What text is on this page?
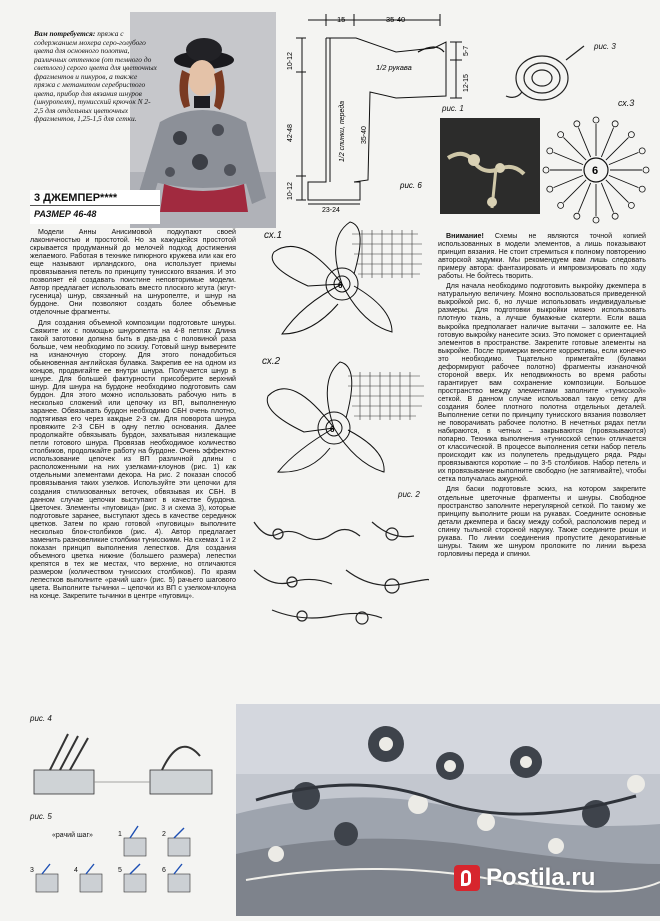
Вам потребуется: пряжа с содержанием мохера серо-голубого цвета для основного полотна, различных оттенков (от темного до светлого) серого цвета для цветочных фрагментов и пикуров, а также пряжа с метанитом серебристого цвета, прибор для вязания шнуров (шнуропелт), тунисский крючок N 2-2,5 для отдельных цветочных фрагментов, 1,25-1,5 для сетки.
3 ДЖЕМПЕР****
РАЗМЕР 46-48
15	35-40
1/2 рукава
10-12
42-48
10-12
1/2 спинки, переда 35-40
5-7
12-15
23-24
рис. 6
рис. 3
рис. 1
сх.3
6

Модели Анны Анисимовой подкупают своей лаконичностью и простотой. Но за кажущейся простотой скрывается продуманный до мелочей подход достижения желаемого. Работая в технике гипюрного кружева или как его еще называют ирландского, она использует приемы провязывания петель по принципу тунисского вязания. И это позволяет ей создавать поистине неповторимые модели. Автор предлагает использовать вместо плоского жгута (жгут-гусеница) шнур, связанный на шнуропелте, и шнур на бурдоне. Они позволяют создать более объемные отделочные фрагменты.

Для создания объемной композиции подготовьте шнуры. Свяжите их с помощью шнуропелта на 4-8 петлях Длина такой заготовки должна быть в два-два с половиной раза больше, чем необходимо по эскизу. Готовый шнур выверните на изнаночную сторону. Для этого понадобиться обыкновенная английская булавка. Закрепив ее на одном из концов, продвигайте ее внутри шнура. Получается шнур в шнуре. Для большей фактурности присоберите верхний шнур. Для шнура на бурдоне необходимо подготовить сам бурдон. Для этого можно использовать рабочую нить в несколько сложений или цепочку из ВП, выполненную заранее. Обвязывать бурдон необходимо СБН очень плотно, подтягивая его через каждые 2-3 см. Для поворота шнура провяжите 2-3 СБН в одну петлю основания. Далее продолжайте обвязывать бурдон, захватывая низлежащие петли готового шнура. Провязав необходимое количество столбиков, продолжайте работу на бурдоне. Очень эффектно использование цепочек из ВП различной длины с расположенными на них узелками-клоунов (рис. 1) как отдельными элементами декора. На рис. 2 показан способ провязывания таких узелков. Используйте эти цепочки для создания стилизованных веточек, обвязывая их СБН. В данном случае цепочки выступают в качестве бурдона. Цветочек. Элементы «пуговица» (рис. 3 и схема 3), которые подготовьте заранее, выступают здесь в качестве серединок цветков. Затем по краю готовой «пуговицы» выполните несколько блок-столбиков (рис. 4). Автор предлагает заменить разновеликие столбики тунисскими. На схемах 1 и 2 показан принцип выполнения лепестков. Для создания объемного цветка нижние (большего размера) лепестки крепятся в тех же местах, что верхние, но отличаются размером (количеством тунисских столбиков). По краям лепестков выполните «рачий шаг» (рис. 5) рачьего шагового цвета. Выполните тычинки – цепочки из ВП с узелком-клоуна на конце. Закрепите тычинки в центре «пуговиц».

6
сх.1
6
сх.2
рис. 2

Внимание! Схемы не являются точной копией использованных в модели элементов, а лишь показывают принцип вязания. Не стоит стремиться к полному повторению авторской задумки. Мы рекомендуем вам лишь следовать примеру автора: фантазировать и импровизировать по ходу работы. Не бойтесь творить.

Для начала необходимо подготовить выкройку джемпера в натуральную величину. Можно воспользоваться приведенной выкройкой рис. 6, но лучше использовать индивидуальные размеры. Для подготовки выкройки можно использовать плотную ткань, а лучше бумажные скатерти. Если ваша выкройка предполагает наличие вытачки – заложите ее. На готовую выкройку нанесите эскиз. Это поможет с ориентацией элементов в пространстве. Закрепите готовые элементы на выкройке. После примерки внесите коррективы, если конечно это необходимо. Тщательно приметайте (булавки деформируют рабочее полотно) фрагменты изнаночной стороной вверх. Их неподвижность во время работы гарантирует вам сохранение композиции. Большое пространство между элементами заполните «тунисской» сеткой. В данном случае использовал такую сетку для создания более плотного полотна отдельных деталей. Выполнение сетки по принципу тунисского вязания позволяет не поворачивать рабочее полотно. В нечетных рядах петли набираются, в четных – закрываются (провязываются) попарно. Техника выполнения «тунисской сетки» отличается от классической. В процессе выполнения сетки набор петель происходит как из полупетель предыдущего ряда. Ряды провязываются короткие – по 3-5 столбиков. Набор петель и их провязывание выполните свободно (не затягивайте), чтобы сетка получалась ажурной.

Для баски подготовьте эскиз, на котором закрепите отдельные цветочные фрагменты и шнуры. Свободное пространство заполните нерегулярной сеткой. По такому же принципу выполните рюши на рукавах. Соедините основные детали джемпера и баску между собой, расположив перед и спинку тыльной стороной наружу. Также соедините рюши и рукава. По линии соединения пропустите декоративные шнуры. Таким же шнуром проложите по линии выреза горловины переда и спинки.

рис. 4
рис. 5
«рачий шаг»	1	2
3	4	5	6	Postila.ru
